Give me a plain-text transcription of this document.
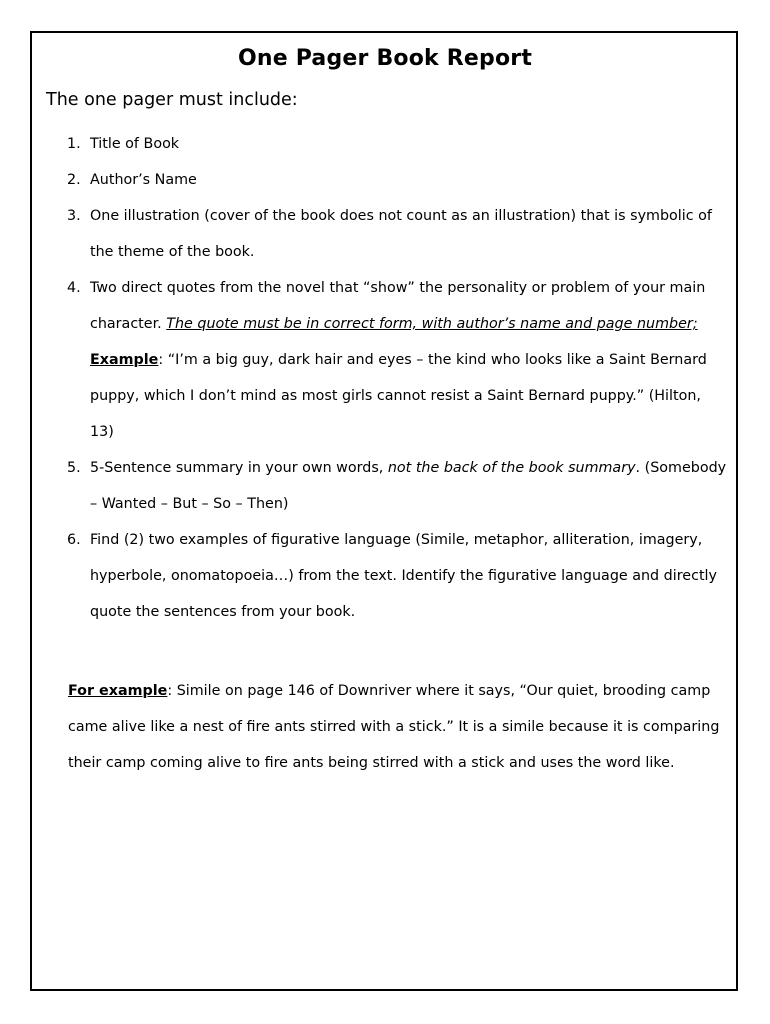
One Pager Book Report
The one pager must include:
1. Title of Book
2. Author’s Name
3. One illustration (cover of the book does not count as an illustration) that is symbolic of the theme of the book.
4. Two direct quotes from the novel that “show” the personality or problem of your main character. The quote must be in correct form, with author’s name and page number; Example: “I’m a big guy, dark hair and eyes – the kind who looks like a Saint Bernard puppy, which I don’t mind as most girls cannot resist a Saint Bernard puppy.” (Hilton, 13)
5. 5-Sentence summary in your own words, not the back of the book summary. (Somebody – Wanted – But – So – Then)
6. Find (2) two examples of figurative language (Simile, metaphor, alliteration, imagery, hyperbole, onomatopoeia…) from the text. Identify the figurative language and directly quote the sentences from your book.

For example: Simile on page 146 of Downriver where it says, “Our quiet, brooding camp came alive like a nest of fire ants stirred with a stick.” It is a simile because it is comparing their camp coming alive to fire ants being stirred with a stick and uses the word like.
